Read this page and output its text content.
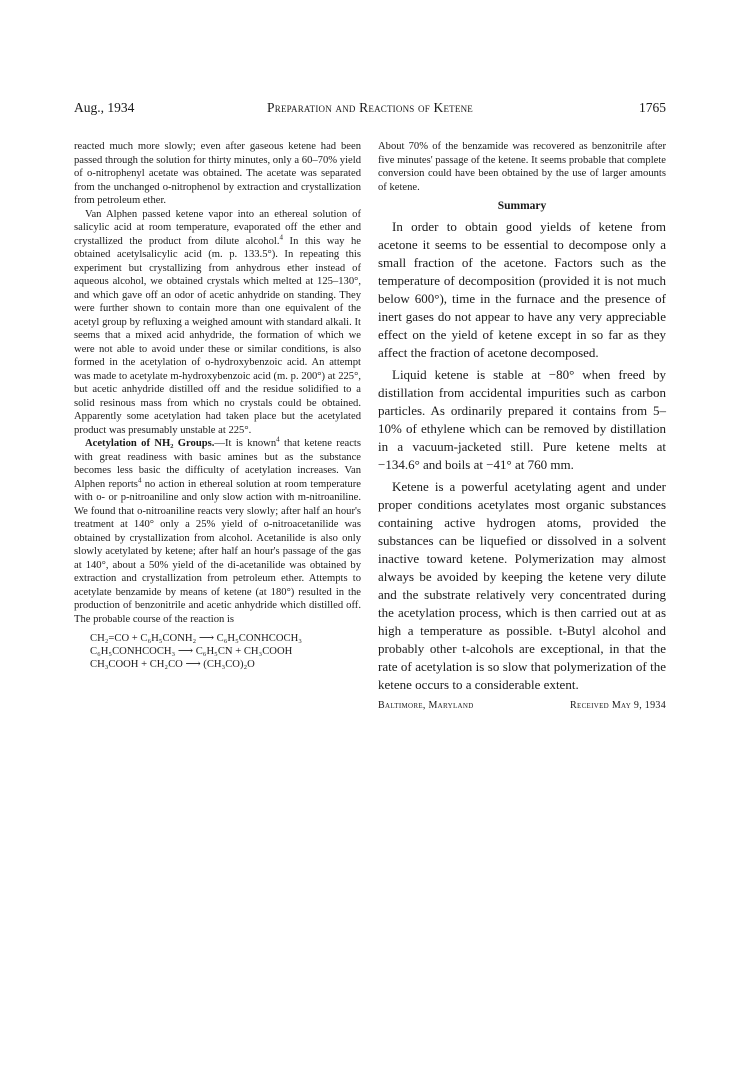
Aug., 1934	Preparation and Reactions of Ketene	1765

reacted much more slowly; even after gaseous ketene had been passed through the solution for thirty minutes, only a 60–70% yield of o-nitrophenyl acetate was obtained. The acetate was separated from the unchanged o-nitrophenol by extraction and crystallization from petroleum ether.

Van Alphen passed ketene vapor into an ethereal solution of salicylic acid at room temperature, evaporated off the ether and crystallized the product from dilute alcohol.$^4$ In this way he obtained acetylsalicylic acid (m. p. 133.5°). In repeating this experiment but crystallizing from anhydrous ether instead of aqueous alcohol, we obtained crystals which melted at 125–130°, and which gave off an odor of acetic anhydride on standing. They were further shown to contain more than one equivalent of the acetyl group by refluxing a weighed amount with standard alkali. It seems that a mixed acid anhydride, the formation of which we were not able to avoid under these or similar conditions, is also formed in the acetylation of o-hydroxybenzoic acid. An attempt was made to acetylate m-hydroxybenzoic acid (m. p. 200°) at 225°, but acetic anhydride distilled off and the residue solidified to a solid resinous mass from which no crystals could be obtained. Apparently some acetylation had taken place but the acetylated product was presumably unstable at 225°.

Acetylation of NH₂ Groups.—It is known$^4$ that ketene reacts with great readiness with basic amines but as the substance becomes less basic the difficulty of acetylation increases. Van Alphen reports$^4$ no action in ethereal solution at room temperature with o- or p-nitroaniline and only slow action with m-nitroaniline. We found that o-nitroaniline reacts very slowly; after half an hour's treatment at 140° only a 25% yield of o-nitroacetanilide was obtained by crystallization from alcohol. Acetanilide is also only slowly acetylated by ketene; after half an hour's passage of the gas at 140°, about a 50% yield of the di-acetanilide was obtained by extraction and crystallization from petroleum ether. Attempts to acetylate benzamide by means of ketene (at 180°) resulted in the production of benzonitrile and acetic anhydride which distilled off. The probable course of the reaction is

CH₂=CO + C₆H₅CONH₂ ⟶ C₆H₅CONHCOCH₃
C₆H₅CONHCOCH₃ ⟶ C₆H₅CN + CH₃COOH
CH₃COOH + CH₂CO ⟶ (CH₃CO)₂O

About 70% of the benzamide was recovered as benzonitrile after five minutes' passage of the ketene. It seems probable that complete conversion could have been obtained by the use of larger amounts of ketene.

Summary

In order to obtain good yields of ketene from acetone it seems to be essential to decompose only a small fraction of the acetone. Factors such as the temperature of decomposition (provided it is not much below 600°), time in the furnace and the presence of inert gases do not appear to have any very appreciable effect on the yield of ketene except in so far as they affect the fraction of acetone decomposed.

Liquid ketene is stable at −80° when freed by distillation from accidental impurities such as carbon particles. As ordinarily prepared it contains from 5–10% of ethylene which can be removed by distillation in a vacuum-jacketed still. Pure ketene melts at −134.6° and boils at −41° at 760 mm.

Ketene is a powerful acetylating agent and under proper conditions acetylates most organic substances containing active hydrogen atoms, provided the substances can be liquefied or dissolved in a solvent inactive toward ketene. Polymerization may almost always be avoided by keeping the ketene very dilute and the substrate relatively very concentrated during the acetylation process, which is then carried out at as high a temperature as possible. t-Butyl alcohol and probably other t-alcohols are exceptional, in that the rate of acetylation is so slow that polymerization of the ketene occurs to a considerable extent.

Baltimore, Maryland	Received May 9, 1934
